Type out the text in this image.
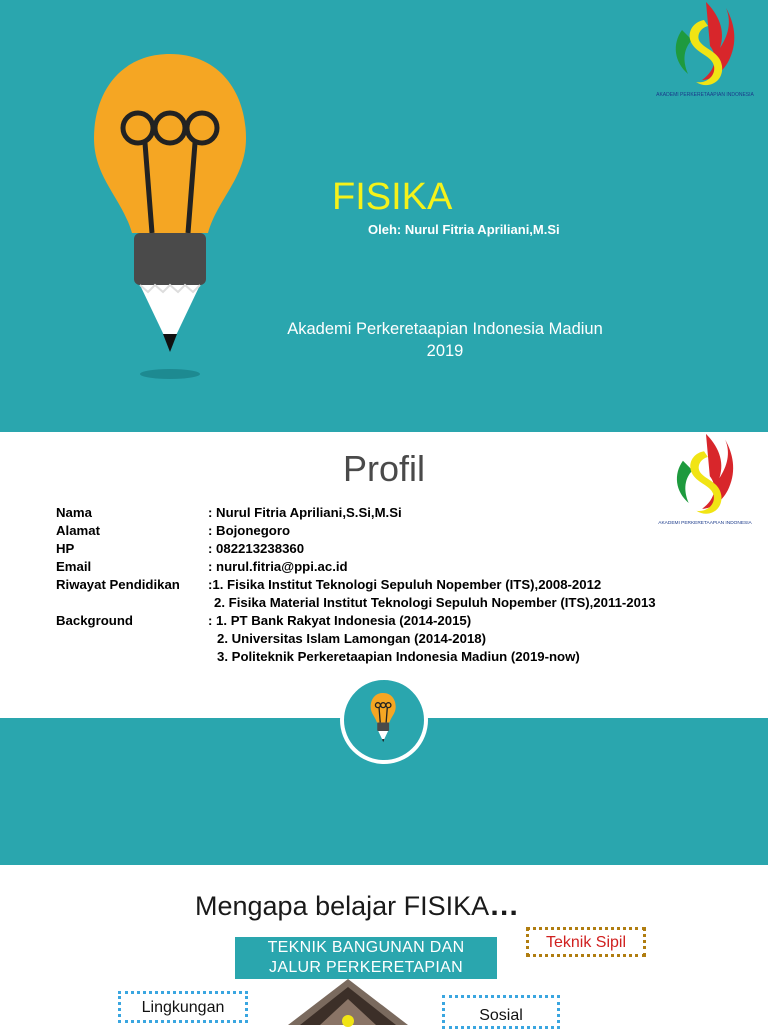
FISIKA
Oleh: Nurul Fitria Apriliani,M.Si
Akademi Perkeretaapian Indonesia Madiun
2019
AKADEMI PERKERETAAPIAN INDONESIA
Profil
AKADEMI PERKERETAAPIAN INDONESIA
Nama	: Nurul Fitria Apriliani,S.Si,M.Si
Alamat	: Bojonegoro
HP	: 082213238360
Email	: nurul.fitria@ppi.ac.id
Riwayat Pendidikan :1. Fisika Institut Teknologi Sepuluh Nopember (ITS),2008-2012
2. Fisika Material Institut Teknologi Sepuluh Nopember (ITS),2011-2013
Background	: 1. PT Bank Rakyat Indonesia (2014-2015)
2. Universitas Islam Lamongan (2014-2018)
3. Politeknik Perkeretaapian Indonesia Madiun (2019-now)
Mengapa belajar FISIKA…
TEKNIK BANGUNAN DAN
JALUR PERKERETAPIAN
Teknik Sipil
Lingkungan	Sosial
